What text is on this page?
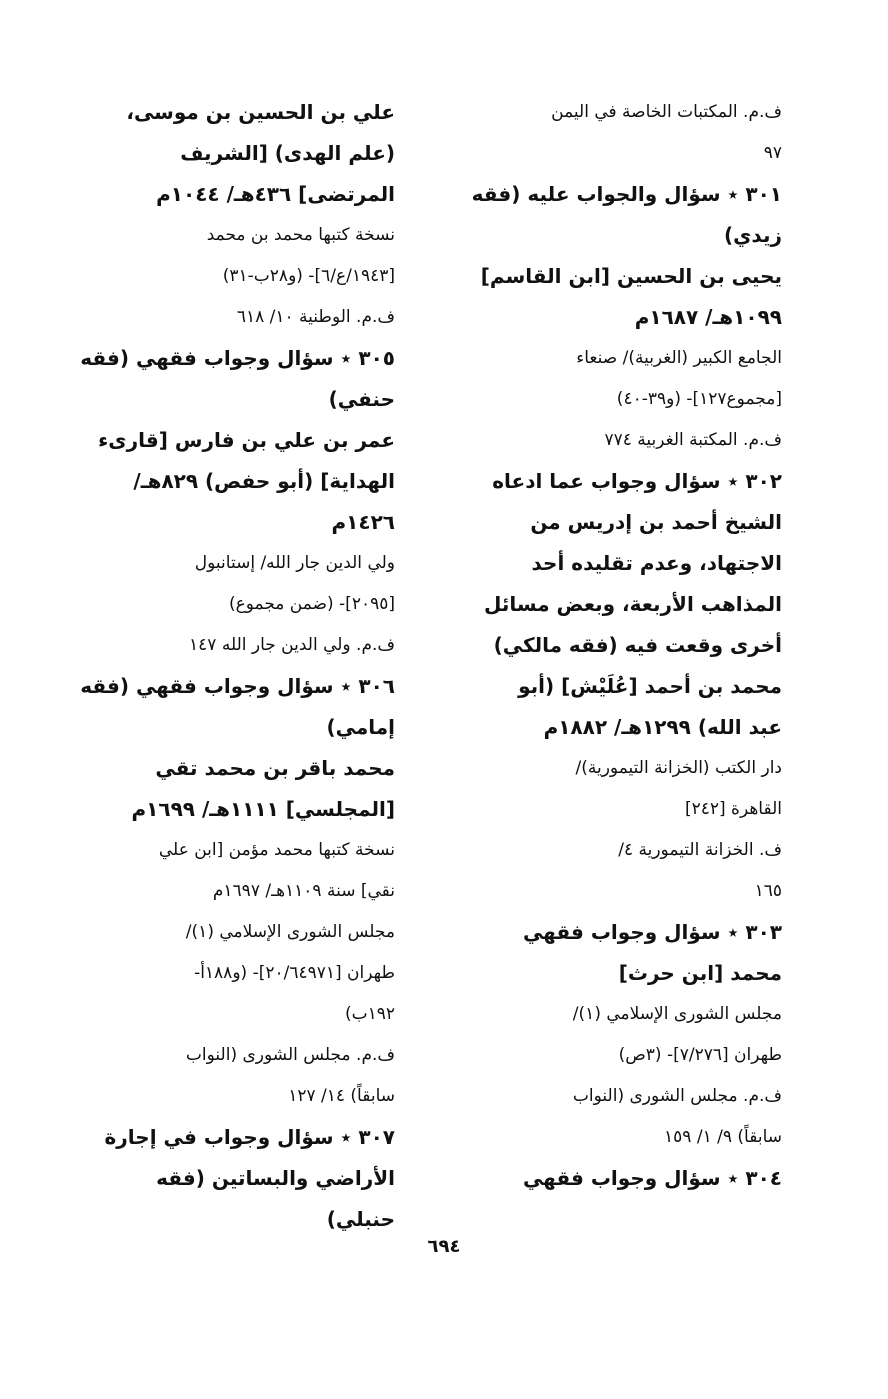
ف.م. المكتبات الخاصة في اليمن
٩٧
٣٠١ ٭ سؤال والجواب عليه (فقه
زيدي)
يحيى بن الحسين [ابن القاسم]
١٠٩٩هـ/ ١٦٨٧م
الجامع الكبير (الغربية)/ صنعاء
[مجموع١٢٧]- (و٣٩-٤٠)
ف.م. المكتبة الغربية ٧٧٤
٣٠٢ ٭ سؤال وجواب عما ادعاه
الشيخ أحمد بن إدريس من
الاجتهاد، وعدم تقليده أحد
المذاهب الأربعة، وبعض مسائل
أخرى وقعت فيه (فقه مالكي)
محمد بن أحمد [عُلَيْش] (أبو
عبد الله) ١٢٩٩هـ/ ١٨٨٢م
دار الكتب (الخزانة التيمورية)/
القاهرة [٢٤٢]
ف. الخزانة التيمورية ٤/
١٦٥
٣٠٣ ٭ سؤال وجواب فقهي
محمد [ابن حرث]
مجلس الشورى الإسلامي (١)/
طهران [٧/٢٧٦]- (٣ص)
ف.م. مجلس الشورى (النواب
سابقاً) ٩/ ١/ ١٥٩
٣٠٤ ٭ سؤال وجواب فقهي
علي بن الحسين بن موسى،
(علم الهدى) [الشريف
المرتضى] ٤٣٦هـ/ ١٠٤٤م
نسخة كتبها محمد بن محمد
[١٩٤٣/ع/٦]- (و٢٨ب-٣١)
ف.م. الوطنية ١٠/ ٦١٨
٣٠٥ ٭ سؤال وجواب فقهي (فقه
حنفي)
عمر بن علي بن فارس [قارىء
الهداية] (أبو حفص) ٨٢٩هـ/
١٤٢٦م
ولي الدين جار الله/ إستانبول
[٢٠٩٥]- (ضمن مجموع)
ف.م. ولي الدين جار الله ١٤٧
٣٠٦ ٭ سؤال وجواب فقهي (فقه
إمامي)
محمد باقر بن محمد تقي
[المجلسي] ١١١١هـ/ ١٦٩٩م
نسخة كتبها محمد مؤمن [ابن علي
نقي] سنة ١١٠٩هـ/ ١٦٩٧م
مجلس الشورى الإسلامي (١)/
طهران [٢٠/٦٤٩٧١]- (و١٨٨أ-
١٩٢ب)
ف.م. مجلس الشورى (النواب
سابقاً) ١٤/ ١٢٧
٣٠٧ ٭ سؤال وجواب في إجارة
الأراضي والبساتين (فقه
حنبلي)
٦٩٤
